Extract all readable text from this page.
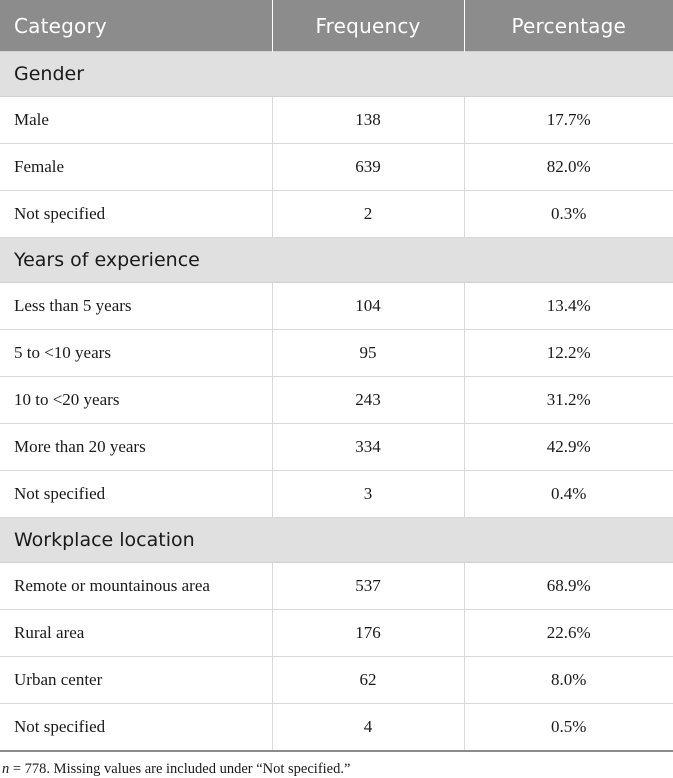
Category	Frequency	Percentage
Gender		
Male	138	17.7%
Female	639	82.0%
Not specified	2	0.3%
Years of experience		
Less than 5 years	104	13.4%
5 to <10 years	95	12.2%
10 to <20 years	243	31.2%
More than 20 years	334	42.9%
Not specified	3	0.4%
Workplace location		
Remote or mountainous area	537	68.9%
Rural area	176	22.6%
Urban center	62	8.0%
Not specified	4	0.5%
n = 778. Missing values are included under “Not specified.”
